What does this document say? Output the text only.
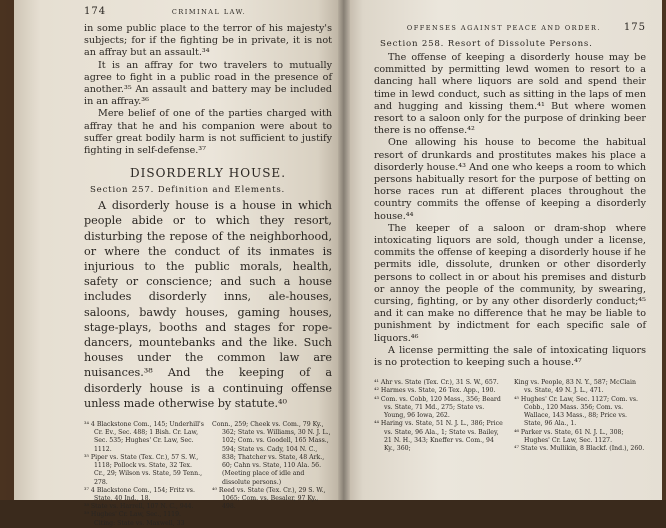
174	CRIMINAL LAW.

in some public place to the terror of his majesty's subjects; for if the fighting be in private, it is not an affray but an assault.³⁴

It is an affray for two travelers to mutually agree to fight in a public road in the presence of another.³⁵ An assault and battery may be included in an affray.³⁶

Mere belief of one of the parties charged with affray that he and his companion were about to suffer great bodily harm is not sufficient to justify fighting in self-defense.³⁷

DISORDERLY HOUSE.
Section 257. Definition and Elements.

A disorderly house is a house in which people abide or to which they resort, disturbing the repose of the neighborhood, or where the conduct of its inmates is injurious to the public morals, health, safety or conscience; and such a house includes disorderly inns, ale-houses, saloons, bawdy houses, gaming houses, stage-plays, booths and stages for rope-dancers, mountebanks and the like. Such houses under the common law are nuisances.³⁸ And the keeping of a disorderly house is a continuing offense unless made otherwise by statute.⁴⁰

³⁴ 4 Blackstone Com., 145; Underhill's Cr. Ev., Sec. 488; 1 Bish. Cr. Law, Sec. 535; Hughes' Cr. Law, Sec. 1112.

³⁵ Piper vs. State (Tex. Cr.), 57 S. W., 1118; Pollock vs. State, 32 Tex. Cr., 29; Wilson vs. State, 59 Tenn., 278.

³⁷ 4 Blackstone Com., 154; Fritz vs. State, 40 Ind., 18.

³⁸ State vs. Harrell, 107 N. C., 944.

³⁹ Hughes' Cr. Law, Sec., 1119. Citing: State vs. Maxwell, 33

Conn., 259; Cheek vs. Com., 79 Ky., 362; State vs. Williams, 30 N. J. L., 102; Com. vs. Goodell, 165 Mass., 594; State vs. Cady, 104 N. C., 838; Thatcher vs. State, 48 Ark., 60; Cahn vs. State, 110 Ala. 56. (Meeting place of idle and dissolute persons.)

⁴⁰ Reed vs. State (Tex. Cr.), 29 S. W., 1065; Com. vs. Besaler, 97 Ky., 498.

OFFENSES AGAINST PEACE AND ORDER. 175
Section 258. Resort of Dissolute Persons.

The offense of keeping a disorderly house may be committed by permitting lewd women to resort to a dancing hall where liquors are sold and spend their time in lewd conduct, such as sitting in the laps of men and hugging and kissing them.⁴¹ But where women resort to a saloon only for the purpose of drinking beer there is no offense.⁴²

One allowing his house to become the habitual resort of drunkards and prostitutes makes his place a disorderly house.⁴³ And one who keeps a room to which persons habitually resort for the purpose of betting on horse races run at different places throughout the country commits the offense of keeping a disorderly house.⁴⁴

The keeper of a saloon or dram-shop where intoxicating liquors are sold, though under a license, commits the offense of keeping a disorderly house if he permits idle, dissolute, drunken or other disorderly persons to collect in or about his premises and disturb or annoy the people of the community, by swearing, cursing, fighting, or by any other disorderly conduct;⁴⁵ and it can make no difference that he may be liable to punishment by indictment for each specific sale of liquors.⁴⁶

A license permitting the sale of intoxicating liquors is no protection to keeping such a house.⁴⁷

⁴¹ Ahr vs. State (Tex. Cr.), 31 S. W., 657.

⁴² Harmes vs. State, 26 Tex. App., 190.

⁴³ Com. vs. Cobb, 120 Mass., 356; Beard vs. State, 71 Md., 275; State vs. Young, 96 Iowa, 262.

⁴⁴ Haring vs. State, 51 N. J. L., 386; Price vs. State, 96 Ala., 1; State vs. Bailey, 21 N. H., 343; Kneffer vs. Com., 94 Ky., 360;

King vs. People, 83 N. Y., 587; McClain vs. State, 49 N. J. L., 471.

⁴⁵ Hughes' Cr. Law, Sec. 1127; Com. vs. Cobb., 120 Mass. 356; Com. vs. Wallace, 143 Mass., 88; Price vs. State, 96 Ala., 1.

⁴⁶ Parker vs. State, 61 N. J. L., 308; Hughes' Cr. Law, Sec. 1127.

⁴⁷ State vs. Mullikin, 8 Blackf. (Ind.), 260.
